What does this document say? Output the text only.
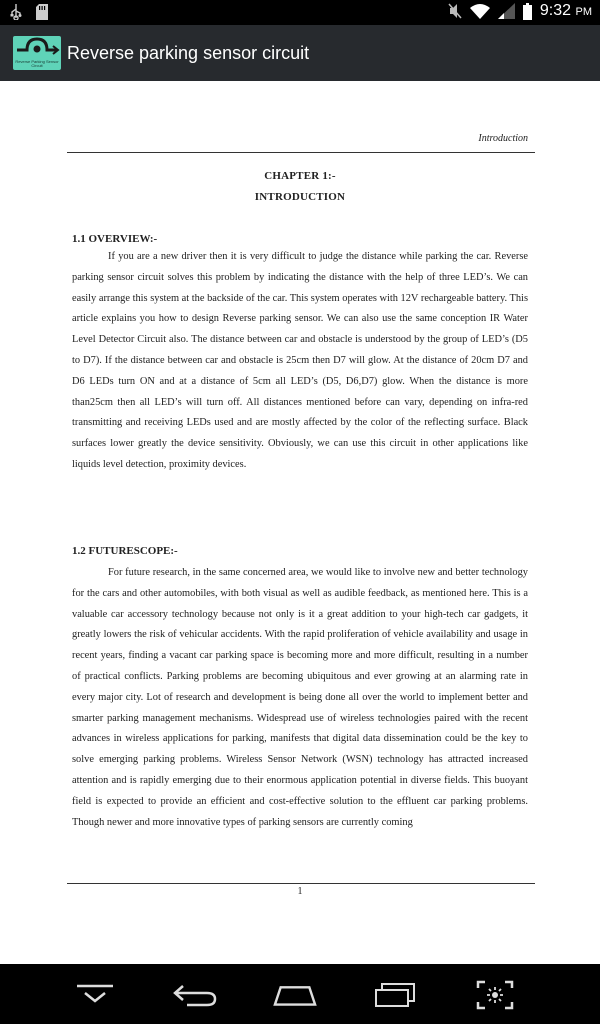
9:32 PM
Reverse Parking Sensor Circuit
Reverse parking sensor circuit
Introduction
CHAPTER 1:-
INTRODUCTION
1.1 OVERVIEW:-
If you are a new driver then it is very difficult to judge the distance while parking the car. Reverse parking sensor circuit solves this problem by indicating the distance with the help of three LED’s. We can easily arrange this system at the backside of the car. This system operates with 12V rechargeable battery. This article explains you how to design Reverse parking sensor. We can also use the same conception IR Water Level Detector Circuit also. The distance between car and obstacle is understood by the group of LED’s (D5 to D7). If the distance between car and obstacle is 25cm then D7 will glow. At the distance of 20cm D7 and D6 LEDs turn ON and at a distance of 5cm all LED’s (D5, D6,D7) glow. When the distance is more than25cm then all LED’s will turn off. All distances mentioned before can vary, depending on infra-red transmitting and receiving LEDs used and are mostly affected by the color of the reflecting surface. Black surfaces lower greatly the device sensitivity. Obviously, we can use this circuit in other applications like liquids level detection, proximity devices.
1.2 FUTURESCOPE:-
For future research, in the same concerned area, we would like to involve new and better technology for the cars and other automobiles, with both visual as well as audible feedback, as mentioned here. This is a valuable car accessory technology because not only is it a great addition to your high-tech car gadgets, it greatly lowers the risk of vehicular accidents. With the rapid proliferation of vehicle availability and usage in recent years, finding a vacant car parking space is becoming more and more difficult, resulting in a number of practical conflicts. Parking problems are becoming ubiquitous and ever growing at an alarming rate in every major city. Lot of research and development is being done all over the world to implement better and smarter parking management mechanisms. Widespread use of wireless technologies paired with the recent advances in wireless applications for parking, manifests that digital data dissemination could be the key to solve emerging parking problems. Wireless Sensor Network (WSN) technology has attracted increased attention and is rapidly emerging due to their enormous application potential in diverse fields. This buoyant field is expected to provide an efficient and cost-effective solution to the effluent car parking problems. Though newer and more innovative types of parking sensors are currently coming
1
